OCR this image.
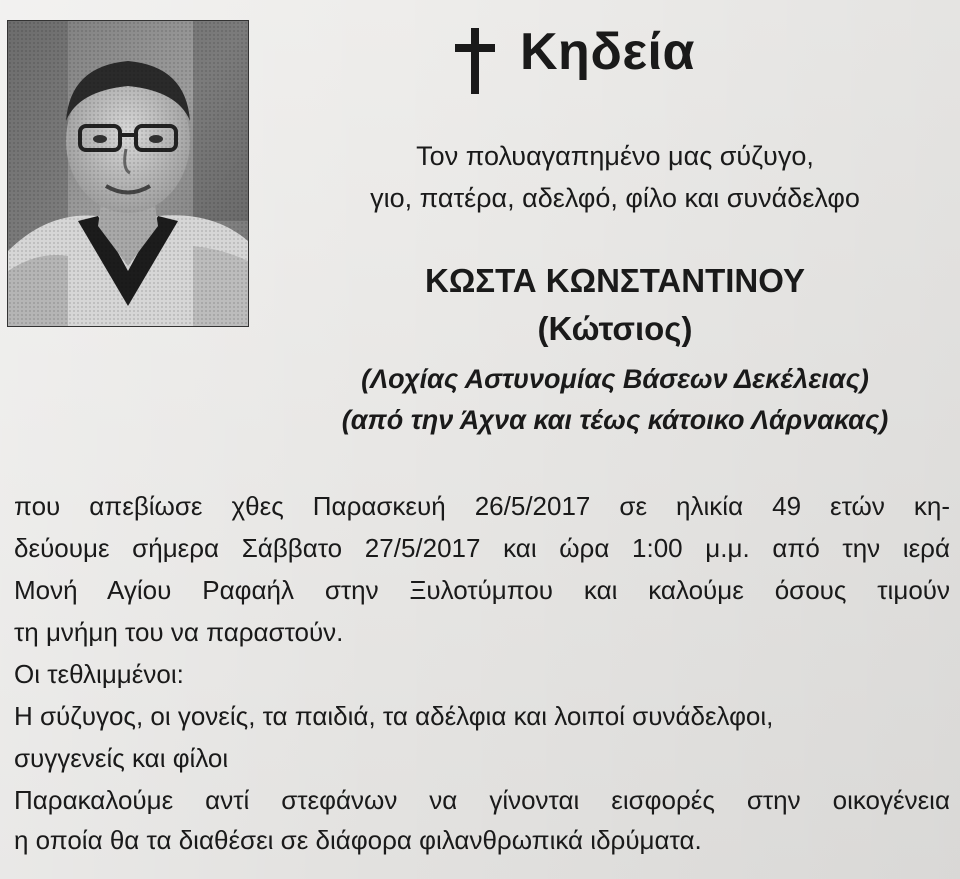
Κηδεία
Τον πολυαγαπημένο μας σύζυγο,
γιο, πατέρα, αδελφό, φίλο και συνάδελφο
ΚΩΣΤΑ ΚΩΝΣΤΑΝΤΙΝΟΥ
(Κώτσιος)
(Λοχίας Αστυνομίας Βάσεων Δεκέλειας)
(από την Άχνα και τέως κάτοικο Λάρνακας)
που απεβίωσε χθες Παρασκευή 26/5/2017 σε ηλικία 49 ετών κη-
δεύουμε σήμερα Σάββατο 27/5/2017 και ώρα 1:00 μ.μ. από την ιερά
Μονή Αγίου Ραφαήλ στην Ξυλοτύμπου και καλούμε όσους τιμούν
τη μνήμη του να παραστούν.
Οι τεθλιμμένοι:
Η σύζυγος, οι γονείς, τα παιδιά, τα αδέλφια και λοιποί συνάδελφοι,
συγγενείς και φίλοι
Παρακαλούμε αντί στεφάνων να γίνονται εισφορές στην οικογένεια
η οποία θα τα διαθέσει σε διάφορα φιλανθρωπικά ιδρύματα.
